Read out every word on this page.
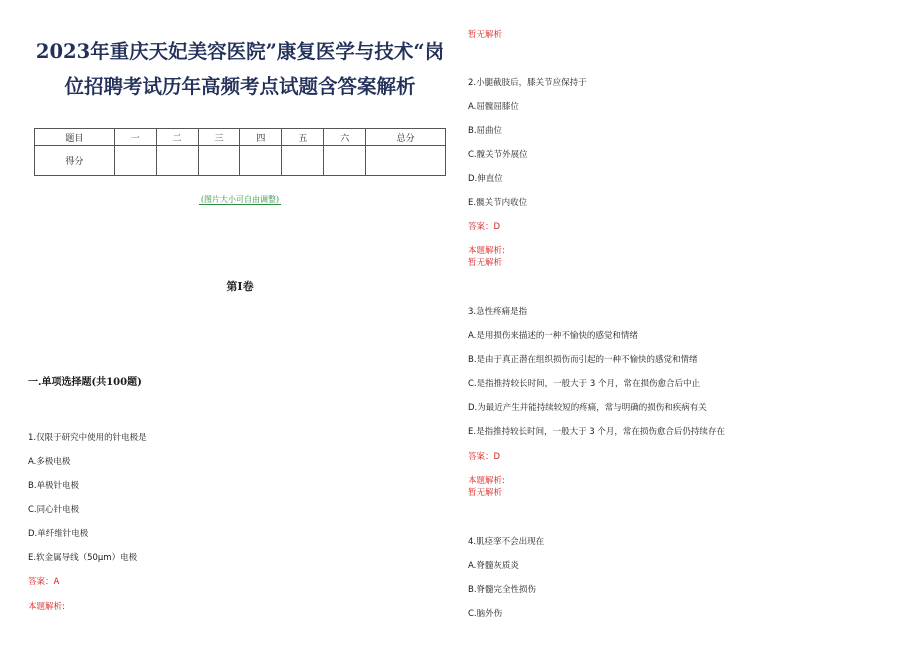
2023年重庆天妃美容医院”康复医学与技术“岗
位招聘考试历年高频考点试题含答案解析
题目	一	二	三	四	五	六	总分
得分							
(图片大小可自由调整)
第I卷
一.单项选择题(共100题)
1.仅限于研究中使用的针电极是
A.多极电极
B.单极针电极
C.同心针电极
D.单纤维针电极
E.软金属导线（50μm）电极
答案：A
本题解析:
暂无解析
2.小腿截肢后，膝关节应保持于
A.屈髋屈膝位
B.屈曲位
C.髋关节外展位
D.伸直位
E.髋关节内收位
答案：D
本题解析:
暂无解析
3.急性疼痛是指
A.是用损伤来描述的一种不愉快的感觉和情绪
B.是由于真正潜在组织损伤而引起的一种不愉快的感觉和情绪
C.是指推持较长时间，一般大于 3 个月，常在损伤愈合后中止
D.为最近产生并能持续较短的疼痛，常与明确的损伤和疾病有关
E.是指推持较长时间，一般大于 3 个月，常在损伤愈合后仍持续存在
答案：D
本题解析:
暂无解析
4.肌痉挛不会出现在
A.脊髓灰质炎
B.脊髓完全性损伤
C.脑外伤
